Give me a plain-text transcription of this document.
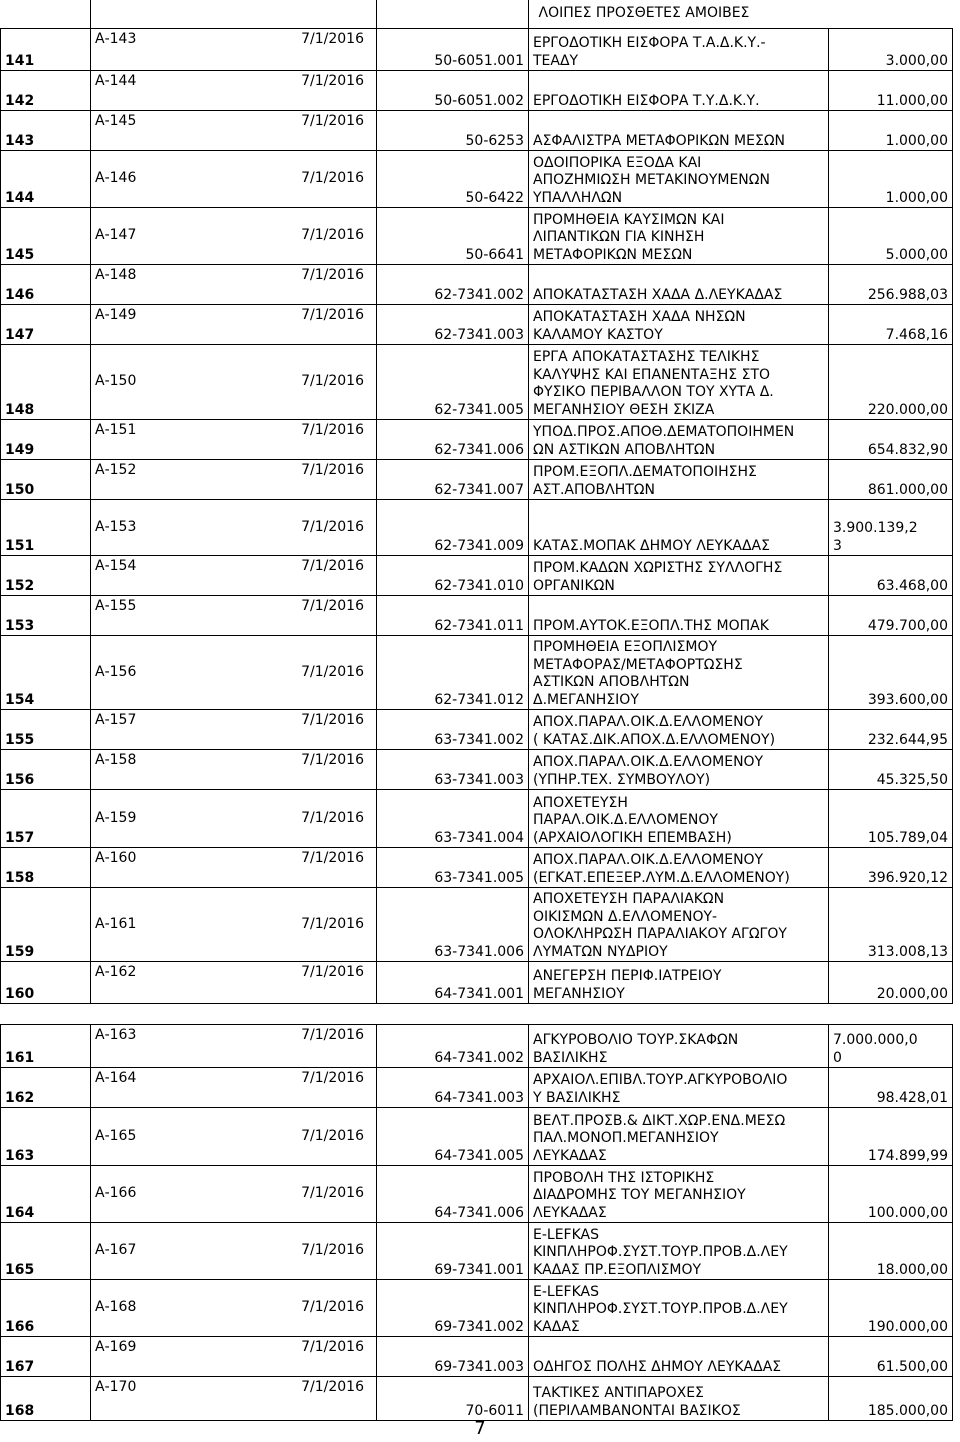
			ΛΟΙΠΕΣ ΠΡΟΣΘΕΤΕΣ ΑΜΟΙΒΕΣ
141	Α-143 7/1/2016	50-6051.001	ΕΡΓΟΔΟΤΙΚΗ ΕΙΣΦΟΡΑ Τ.Α.Δ.Κ.Υ.-
ΤΕΑΔΥ	3.000,00

142	Α-144 7/1/2016	50-6051.002	ΕΡΓΟΔΟΤΙΚΗ ΕΙΣΦΟΡΑ Τ.Υ.Δ.Κ.Υ.	11.000,00

143	Α-145 7/1/2016	50-6253	ΑΣΦΑΛΙΣΤΡΑ ΜΕΤΑΦΟΡΙΚΩΝ ΜΕΣΩΝ	1.000,00

144	Α-146 7/1/2016	50-6422	ΟΔΟΙΠΟΡΙΚΑ ΕΞΟΔΑ ΚΑΙ
ΑΠΟΖΗΜΙΩΣΗ ΜΕΤΑΚΙΝΟΥΜΕΝΩΝ
ΥΠΑΛΛΗΛΩΝ	1.000,00

145	Α-147 7/1/2016	50-6641	ΠΡΟΜΗΘΕΙΑ ΚΑΥΣΙΜΩΝ ΚΑΙ
ΛΙΠΑΝΤΙΚΩΝ ΓΙΑ ΚΙΝΗΣΗ
ΜΕΤΑΦΟΡΙΚΩΝ ΜΕΣΩΝ	5.000,00

146	Α-148 7/1/2016	62-7341.002	ΑΠΟΚΑΤΑΣΤΑΣΗ ΧΑΔΑ Δ.ΛΕΥΚΑΔΑΣ	256.988,03

147	Α-149 7/1/2016	62-7341.003	ΑΠΟΚΑΤΑΣΤΑΣΗ ΧΑΔΑ ΝΗΣΩΝ
ΚΑΛΑΜΟΥ ΚΑΣΤΟΥ	7.468,16

148	Α-150 7/1/2016	62-7341.005	ΕΡΓΑ ΑΠΟΚΑΤΑΣΤΑΣΗΣ ΤΕΛΙΚΗΣ
ΚΑΛΥΨΗΣ ΚΑΙ ΕΠΑΝΕΝΤΑΞΗΣ ΣΤΟ
ΦΥΣΙΚΟ ΠΕΡΙΒΑΛΛΟΝ ΤΟΥ ΧΥΤΑ Δ.
ΜΕΓΑΝΗΣΙΟΥ ΘΕΣΗ ΣΚΙΖΑ	220.000,00

149	Α-151 7/1/2016	62-7341.006	ΥΠΟΔ.ΠΡΟΣ.ΑΠΟΘ.ΔΕΜΑΤΟΠΟΙΗΜΕΝ
ΩΝ ΑΣΤΙΚΩΝ ΑΠΟΒΛΗΤΩΝ	654.832,90

150	Α-152 7/1/2016	62-7341.007	ΠΡΟΜ.ΕΞΟΠΛ.ΔΕΜΑΤΟΠΟΙΗΣΗΣ
ΑΣΤ.ΑΠΟΒΛΗΤΩΝ	861.000,00

151	Α-153 7/1/2016	62-7341.009	ΚΑΤΑΣ.ΜΟΠΑΚ ΔΗΜΟΥ ΛΕΥΚΑΔΑΣ	3.900.139,2
3

152	Α-154 7/1/2016	62-7341.010	ΠΡΟΜ.ΚΑΔΩΝ ΧΩΡΙΣΤΗΣ ΣΥΛΛΟΓΗΣ
ΟΡΓΑΝΙΚΩΝ	63.468,00

153	Α-155 7/1/2016	62-7341.011	ΠΡΟΜ.ΑΥΤΟΚ.ΕΞΟΠΛ.ΤΗΣ ΜΟΠΑΚ	479.700,00

154	Α-156 7/1/2016	62-7341.012	ΠΡΟΜΗΘΕΙΑ ΕΞΟΠΛΙΣΜΟΥ
ΜΕΤΑΦΟΡΑΣ/ΜΕΤΑΦΟΡΤΩΣΗΣ
ΑΣΤΙΚΩΝ ΑΠΟΒΛΗΤΩΝ
Δ.ΜΕΓΑΝΗΣΙΟΥ	393.600,00

155	Α-157 7/1/2016	63-7341.002	ΑΠΟΧ.ΠΑΡΑΛ.ΟΙΚ.Δ.ΕΛΛΟΜΕΝΟΥ
( ΚΑΤΑΣ.ΔΙΚ.ΑΠΟΧ.Δ.ΕΛΛΟΜΕΝΟΥ)	232.644,95

156	Α-158 7/1/2016	63-7341.003	ΑΠΟΧ.ΠΑΡΑΛ.ΟΙΚ.Δ.ΕΛΛΟΜΕΝΟΥ
(ΥΠΗΡ.ΤΕΧ. ΣΥΜΒΟΥΛΟΥ)	45.325,50

157	Α-159 7/1/2016	63-7341.004	ΑΠΟΧΕΤΕΥΣΗ
ΠΑΡΑΛ.ΟΙΚ.Δ.ΕΛΛΟΜΕΝΟΥ
(ΑΡΧΑΙΟΛΟΓΙΚΗ ΕΠΕΜΒΑΣΗ)	105.789,04

158	Α-160 7/1/2016	63-7341.005	ΑΠΟΧ.ΠΑΡΑΛ.ΟΙΚ.Δ.ΕΛΛΟΜΕΝΟΥ
(ΕΓΚΑΤ.ΕΠΕΞΕΡ.ΛΥΜ.Δ.ΕΛΛΟΜΕΝΟΥ)	396.920,12

159	Α-161 7/1/2016	63-7341.006	ΑΠΟΧΕΤΕΥΣΗ ΠΑΡΑΛΙΑΚΩΝ
ΟΙΚΙΣΜΩΝ Δ.ΕΛΛΟΜΕΝΟΥ-
ΟΛΟΚΛΗΡΩΣΗ ΠΑΡΑΛΙΑΚΟΥ ΑΓΩΓΟΥ
ΛΥΜΑΤΩΝ ΝΥΔΡΙΟΥ	313.008,13

160	Α-162 7/1/2016	64-7341.001	ΑΝΕΓΕΡΣΗ ΠΕΡΙΦ.ΙΑΤΡΕΙΟΥ
ΜΕΓΑΝΗΣΙΟΥ	20.000,00
161	Α-163 7/1/2016	64-7341.002	ΑΓΚΥΡΟΒΟΛΙΟ ΤΟΥΡ.ΣΚΑΦΩΝ
ΒΑΣΙΛΙΚΗΣ	7.000.000,0
0

162	Α-164 7/1/2016	64-7341.003	ΑΡΧΑΙΟΛ.ΕΠΙΒΛ.ΤΟΥΡ.ΑΓΚΥΡΟΒΟΛΙΟ
Υ ΒΑΣΙΛΙΚΗΣ	98.428,01

163	Α-165 7/1/2016	64-7341.005	ΒΕΛΤ.ΠΡΟΣΒ.& ΔΙΚΤ.ΧΩΡ.ΕΝΔ.ΜΕΣΩ
ΠΑΛ.ΜΟΝΟΠ.ΜΕΓΑΝΗΣΙΟΥ
ΛΕΥΚΑΔΑΣ	174.899,99

164	Α-166 7/1/2016	64-7341.006	ΠΡΟΒΟΛΗ ΤΗΣ ΙΣΤΟΡΙΚΗΣ
ΔΙΑΔΡΟΜΗΣ ΤΟΥ ΜΕΓΑΝΗΣΙΟΥ
ΛΕΥΚΑΔΑΣ	100.000,00

165	Α-167 7/1/2016	69-7341.001	E-LEFKAS
ΚΙΝΠΛΗΡΟΦ.ΣΥΣΤ.ΤΟΥΡ.ΠΡΟΒ.Δ.ΛΕΥ
ΚΑΔΑΣ ΠΡ.ΕΞΟΠΛΙΣΜΟΥ	18.000,00

166	Α-168 7/1/2016	69-7341.002	E-LEFKAS
ΚΙΝΠΛΗΡΟΦ.ΣΥΣΤ.ΤΟΥΡ.ΠΡΟΒ.Δ.ΛΕΥ
ΚΑΔΑΣ	190.000,00

167	Α-169 7/1/2016	69-7341.003	ΟΔΗΓΟΣ ΠΟΛΗΣ ΔΗΜΟΥ ΛΕΥΚΑΔΑΣ	61.500,00

168	Α-170 7/1/2016	70-6011	ΤΑΚΤΙΚΕΣ ΑΝΤΙΠΑΡΟΧΕΣ
(ΠΕΡΙΛΑΜΒΑΝΟΝΤΑΙ ΒΑΣΙΚΟΣ	185.000,00
7
